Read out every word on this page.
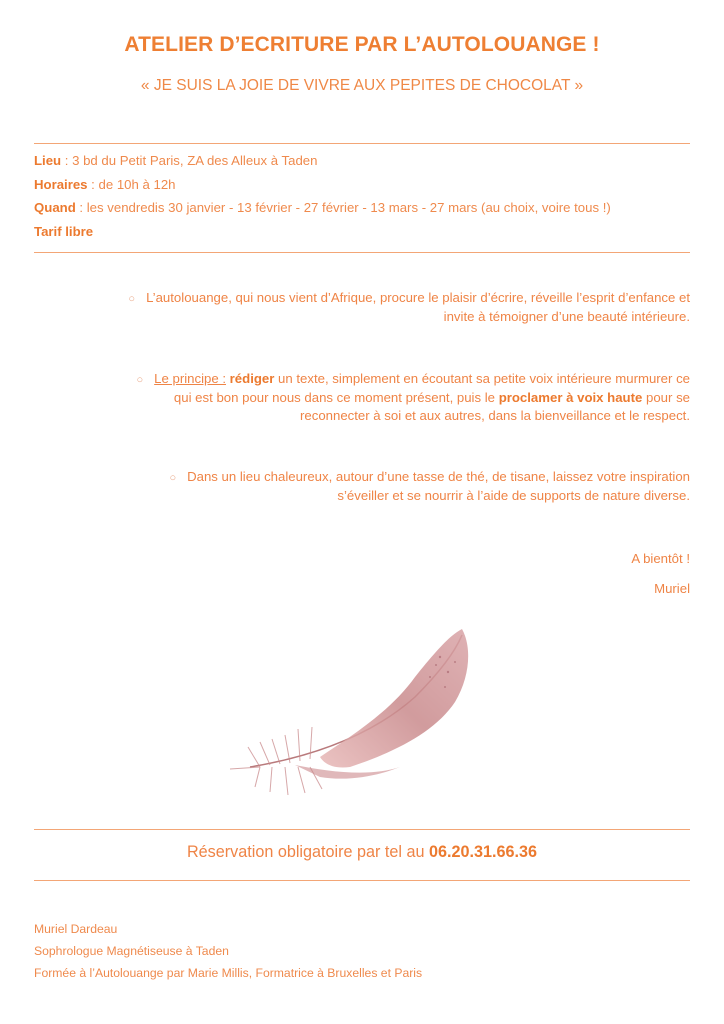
ATELIER D’ECRITURE PAR L’AUTOLOUANGE !
« JE SUIS LA JOIE DE VIVRE AUX PEPITES DE CHOCOLAT »
Lieu : 3 bd du Petit Paris, ZA des Alleux à Taden
Horaires : de 10h à 12h
Quand : les vendredis 30 janvier - 13 février - 27 février - 13 mars - 27 mars (au choix, voire tous !)
Tarif libre
○ L’autolouange, qui nous vient d’Afrique, procure le plaisir d’écrire, réveille l’esprit d’enfance et
invite à témoigner d’une beauté intérieure.
○ Le principe : rédiger un texte, simplement en écoutant sa petite voix intérieure murmurer ce
qui est bon pour nous dans ce moment présent, puis le proclamer à voix haute pour se
reconnecter à soi et aux autres, dans la bienveillance et le respect.
○ Dans un lieu chaleureux, autour d’une tasse de thé, de tisane, laissez votre inspiration
s’éveiller et se nourrir à l’aide de supports de nature diverse.
A bientôt !
Muriel
Réservation obligatoire par tel au 06.20.31.66.36
Muriel Dardeau
Sophrologue Magnétiseuse à Taden
Formée à l’Autolouange par Marie Millis, Formatrice à Bruxelles et Paris
